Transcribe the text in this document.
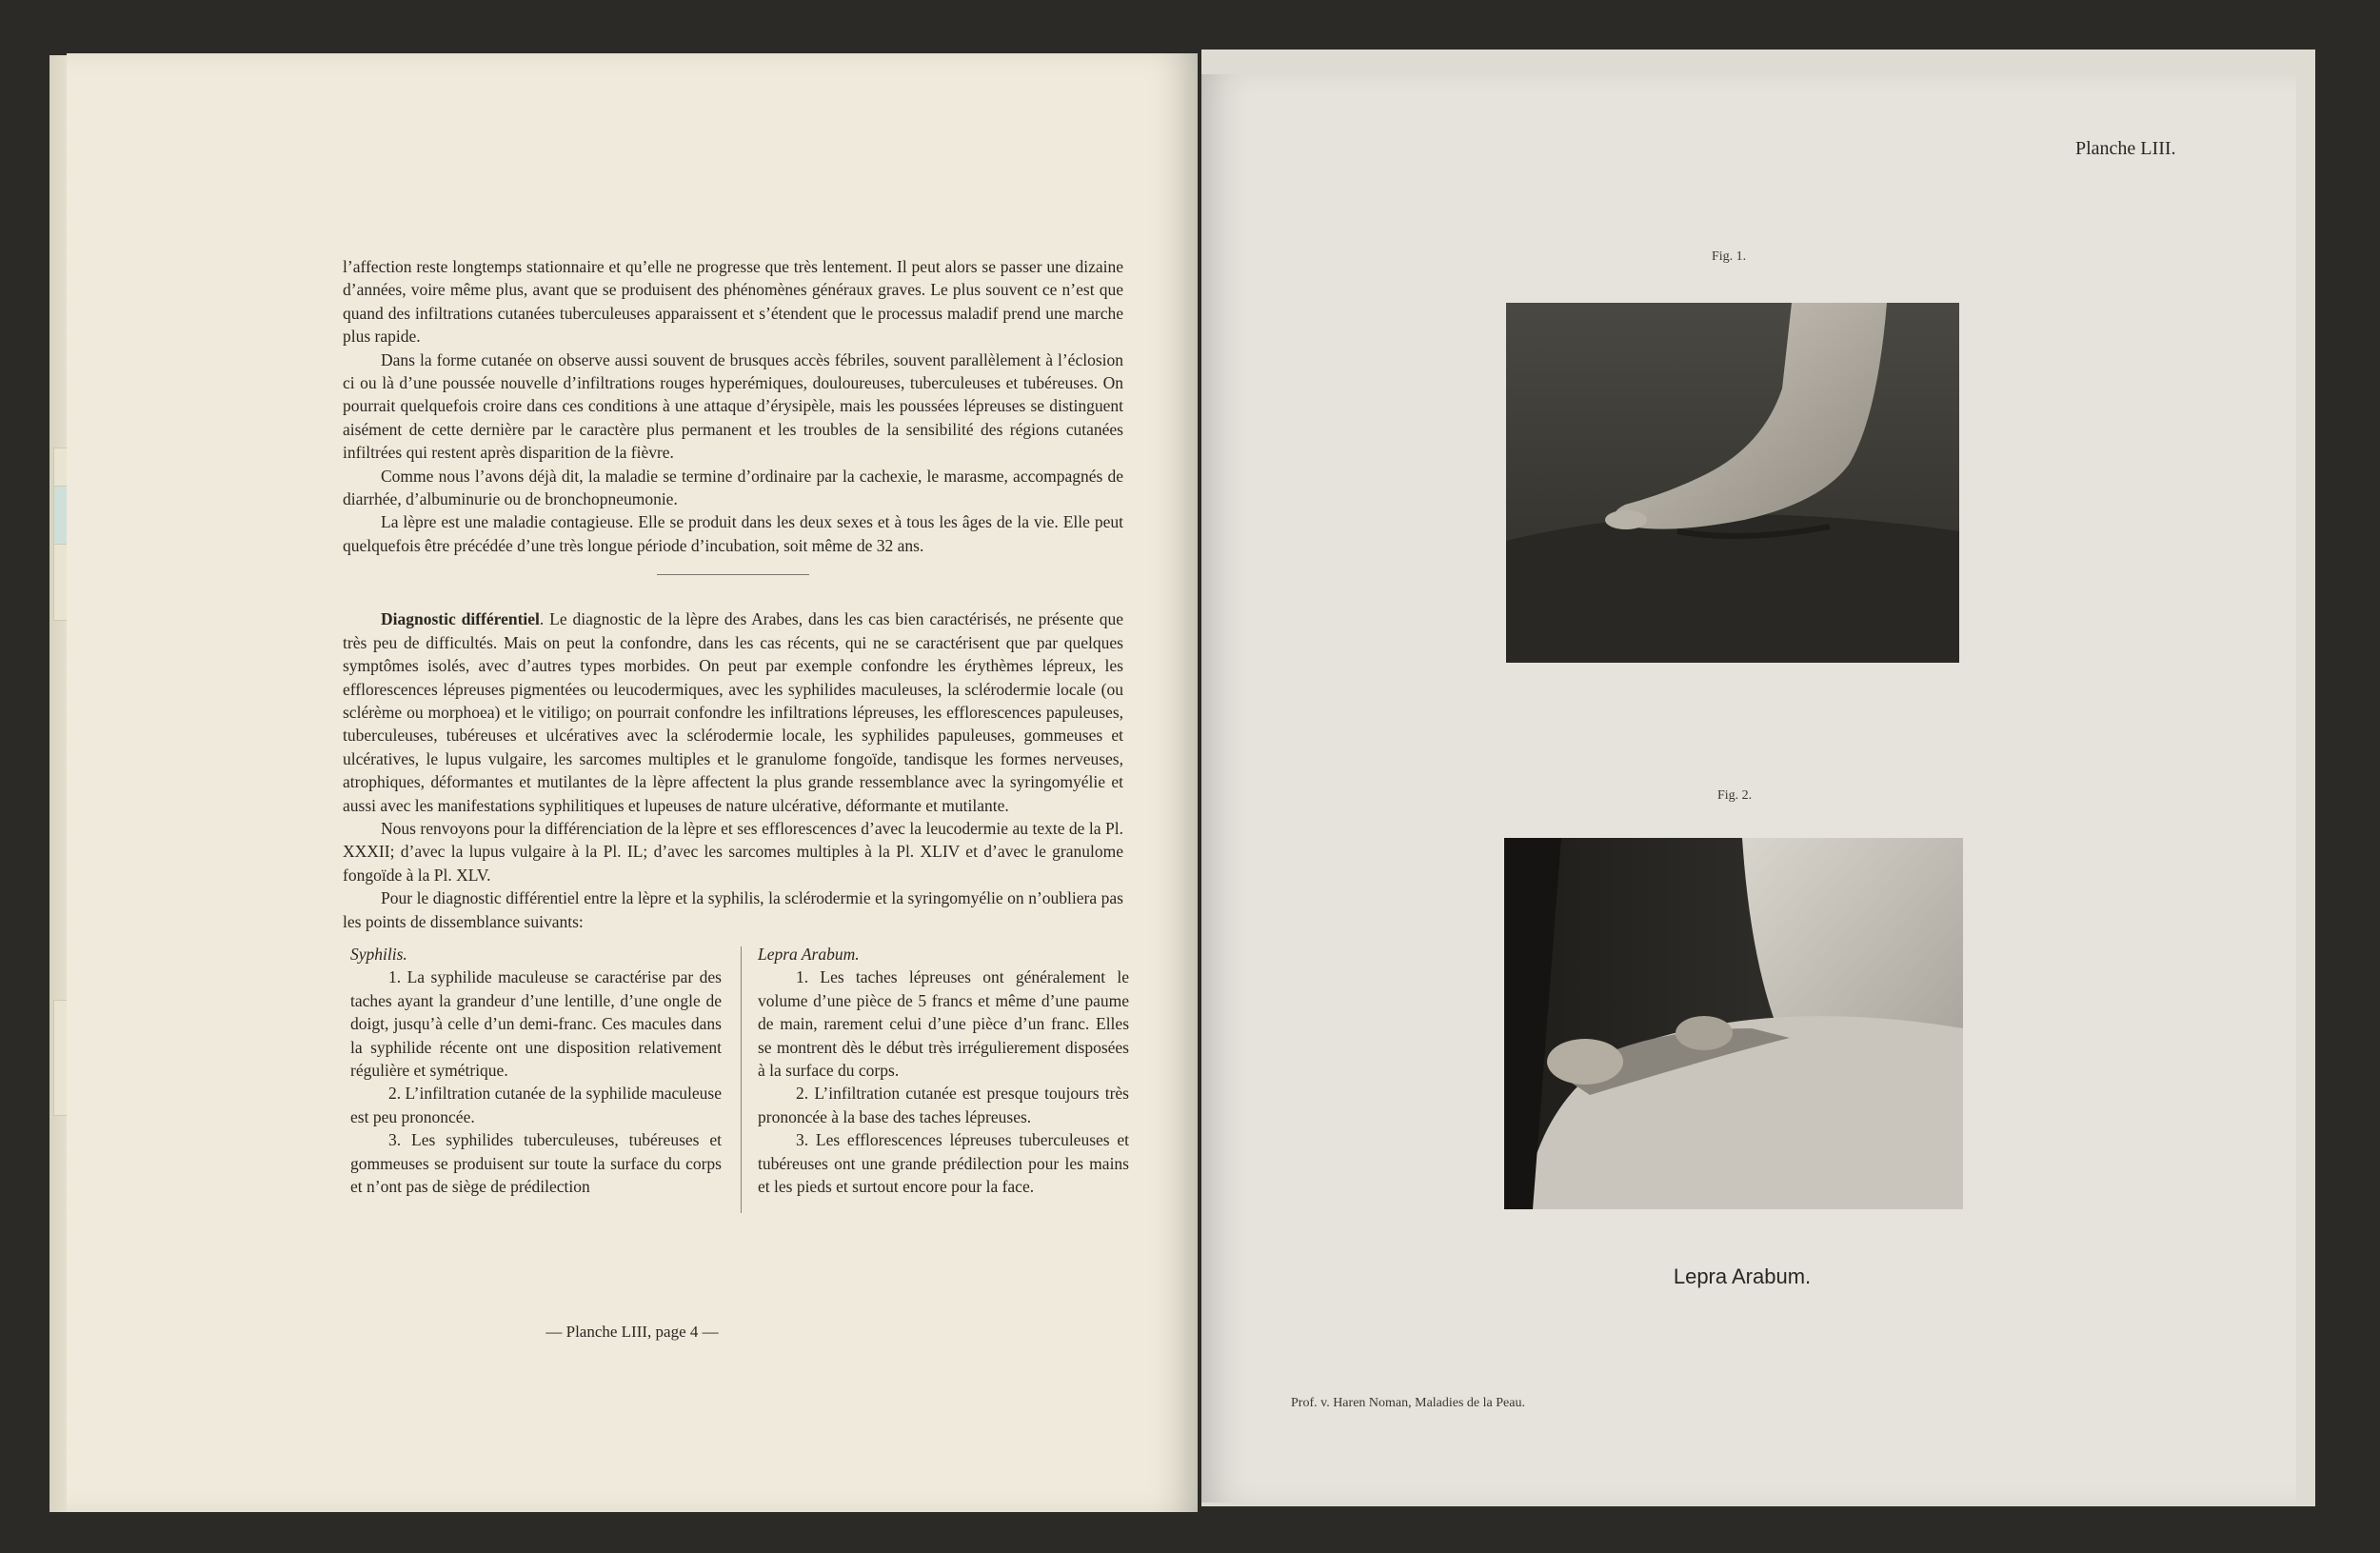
l’affection reste longtemps stationnaire et qu’elle ne progresse que très lentement. Il peut alors se passer une dizaine d’années, voire même plus, avant que se produisent des phénomènes généraux graves. Le plus souvent ce n’est que quand des infiltrations cutanées tuberculeuses apparaissent et s’étendent que le processus maladif prend une marche plus rapide.

Dans la forme cutanée on observe aussi souvent de brusques accès fébriles, souvent parallèlement à l’éclosion ci ou là d’une poussée nouvelle d’infiltrations rouges hyperémiques, douloureuses, tuberculeuses et tubéreuses. On pourrait quelquefois croire dans ces conditions à une attaque d’érysipèle, mais les poussées lépreuses se distinguent aisément de cette dernière par le caractère plus permanent et les troubles de la sensibilité des régions cutanées infiltrées qui restent après disparition de la fièvre.

Comme nous l’avons déjà dit, la maladie se termine d’ordinaire par la cachexie, le marasme, accompagnés de diarrhée, d’albuminurie ou de bronchopneumonie.

La lèpre est une maladie contagieuse. Elle se produit dans les deux sexes et à tous les âges de la vie. Elle peut quelquefois être précédée d’une très longue période d’incubation, soit même de 32 ans.

Diagnostic différentiel. Le diagnostic de la lèpre des Arabes, dans les cas bien caractérisés, ne présente que très peu de difficultés. Mais on peut la confondre, dans les cas récents, qui ne se caractérisent que par quelques symptômes isolés, avec d’autres types morbides. On peut par exemple confondre les érythèmes lépreux, les efflorescences lépreuses pigmentées ou leucodermiques, avec les syphilides maculeuses, la sclérodermie locale (ou sclérème ou morphoea) et le vitiligo; on pourrait confondre les infiltrations lépreuses, les efflorescences papuleuses, tuberculeuses, tubéreuses et ulcératives avec la sclérodermie locale, les syphilides papuleuses, gommeuses et ulcératives, le lupus vulgaire, les sarcomes multiples et le granulome fongoïde, tandisque les formes nerveuses, atrophiques, déformantes et mutilantes de la lèpre affectent la plus grande ressemblance avec la syringomyélie et aussi avec les manifestations syphilitiques et lupeuses de nature ulcérative, déformante et mutilante.

Nous renvoyons pour la différenciation de la lèpre et ses efflorescences d’avec la leucodermie au texte de la Pl. XXXII; d’avec la lupus vulgaire à la Pl. IL; d’avec les sarcomes multiples à la Pl. XLIV et d’avec le granulome fongoïde à la Pl. XLV.

Pour le diagnostic différentiel entre la lèpre et la syphilis, la sclérodermie et la syringomyélie on n’oubliera pas les points de dissemblance suivants:

Syphilis.

1. La syphilide maculeuse se caractérise par des taches ayant la grandeur d’une lentille, d’une ongle de doigt, jusqu’à celle d’un demi-franc. Ces macules dans la syphilide récente ont une disposition relativement régulière et symétrique.

2. L’infiltration cutanée de la syphilide maculeuse est peu prononcée.

3. Les syphilides tuberculeuses, tubéreuses et gommeuses se produisent sur toute la surface du corps et n’ont pas de siège de prédilection

Lepra Arabum.

1. Les taches lépreuses ont généralement le volume d’une pièce de 5 francs et même d’une paume de main, rarement celui d’une pièce d’un franc. Elles se montrent dès le début très irrégulierement disposées à la surface du corps.

2. L’infiltration cutanée est presque toujours très prononcée à la base des taches lépreuses.

3. Les efflorescences lépreuses tuberculeuses et tubéreuses ont une grande prédilection pour les mains et les pieds et surtout encore pour la face.

— Planche LIII, page 4 —
Planche LIII.
Fig. 1.
Fig. 2.
Lepra Arabum.
Prof. v. Haren Noman, Maladies de la Peau.
